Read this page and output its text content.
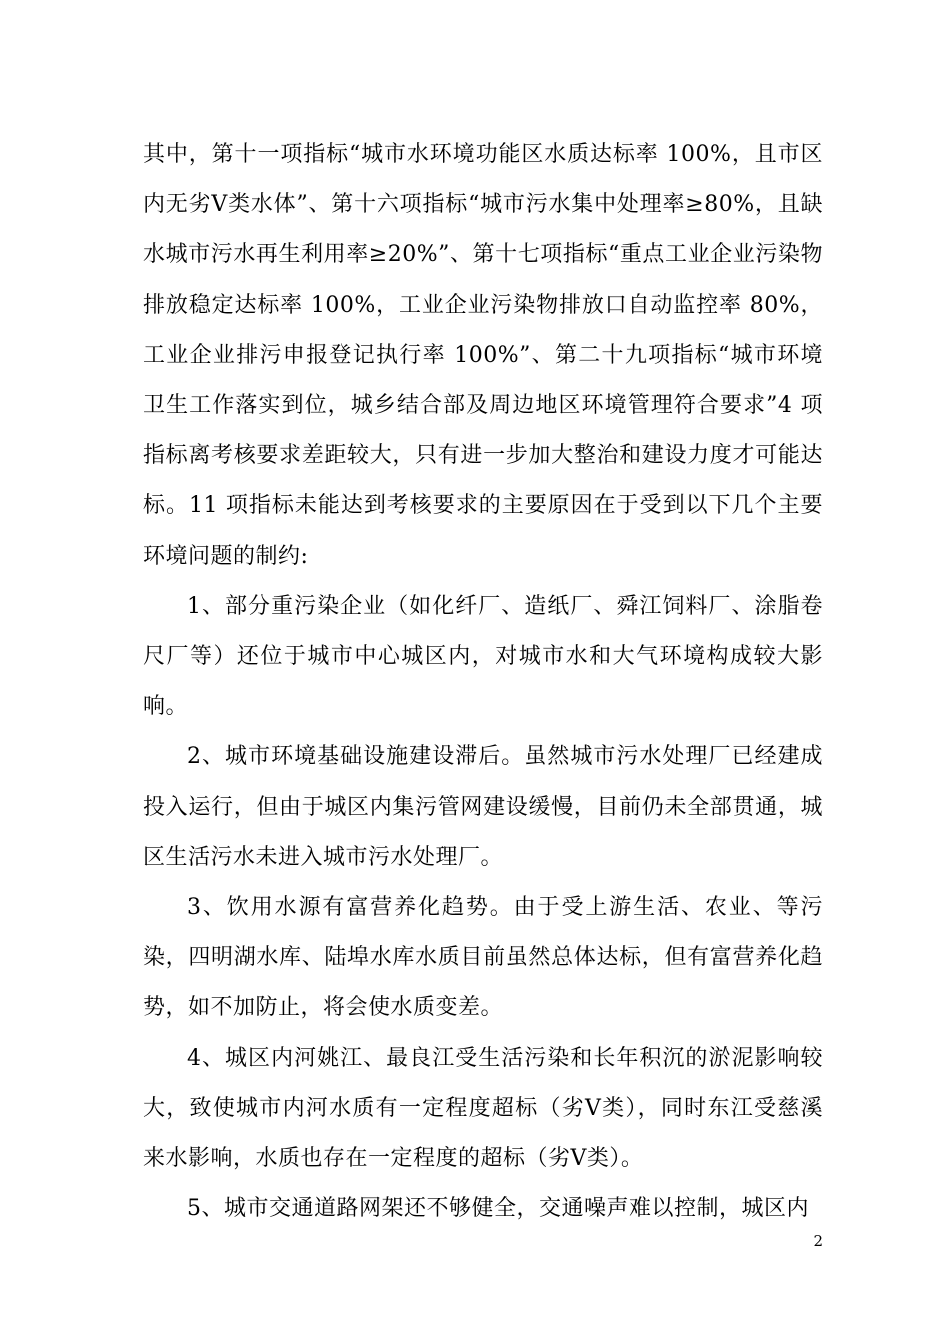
其中，第十一项指标“城市水环境功能区水质达标率 100%，且市区内无劣Ⅴ类水体”、第十六项指标“城市污水集中处理率≥80%，且缺水城市污水再生利用率≥20%”、第十七项指标“重点工业企业污染物排放稳定达标率 100%，工业企业污染物排放口自动监控率 80%，工业企业排污申报登记执行率 100%”、第二十九项指标“城市环境卫生工作落实到位，城乡结合部及周边地区环境管理符合要求”4 项指标离考核要求差距较大，只有进一步加大整治和建设力度才可能达标。11 项指标未能达到考核要求的主要原因在于受到以下几个主要环境问题的制约:

1、部分重污染企业（如化纤厂、造纸厂、舜江饲料厂、涂脂卷尺厂等）还位于城市中心城区内，对城市水和大气环境构成较大影响。

2、城市环境基础设施建设滞后。虽然城市污水处理厂已经建成投入运行，但由于城区内集污管网建设缓慢，目前仍未全部贯通，城区生活污水未进入城市污水处理厂。

3、饮用水源有富营养化趋势。由于受上游生活、农业、等污染，四明湖水库、陆埠水库水质目前虽然总体达标，但有富营养化趋势，如不加防止，将会使水质变差。

4、城区内河姚江、最良江受生活污染和长年积沉的淤泥影响较大，致使城市内河水质有一定程度超标（劣Ⅴ类），同时东江受慈溪来水影响，水质也存在一定程度的超标（劣Ⅴ类）。

5、城市交通道路网架还不够健全，交通噪声难以控制，城区内

2
